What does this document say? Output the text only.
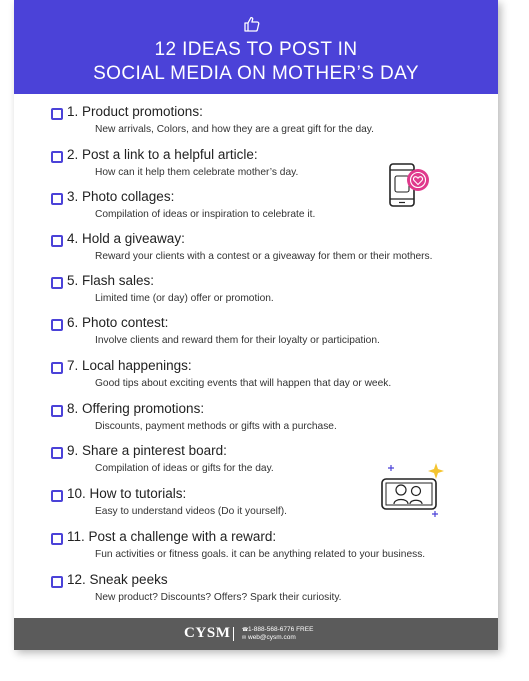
12 IDEAS TO POST IN
SOCIAL MEDIA ON MOTHER’S DAY
1. Product promotions:
New arrivals, Colors, and how they are a great gift for the day.
2. Post a link to a helpful article:
How can it help them celebrate mother’s day.
3. Photo collages:
Compilation of ideas or inspiration to celebrate it.
4. Hold a giveaway:
Reward your clients with a contest or a giveaway for them or their mothers.
5. Flash sales:
Limited time (or day) offer or promotion.
6. Photo contest:
Involve clients and reward them for their loyalty or participation.
7. Local happenings:
Good tips about exciting events that will happen that day or week.
8. Offering promotions:
Discounts, payment methods or gifts with a purchase.
9. Share a pinterest board:
Compilation of ideas or gifts for the day.
10. How to tutorials:
Easy to understand videos (Do it yourself).
11. Post a challenge with a reward:
Fun activities or fitness goals. it can be anything related to your business.
12. Sneak peeks
New product? Discounts? Offers? Spark their curiosity.
CYSM ☎1-888-568-6776 FREE
✉ web@cysm.com
